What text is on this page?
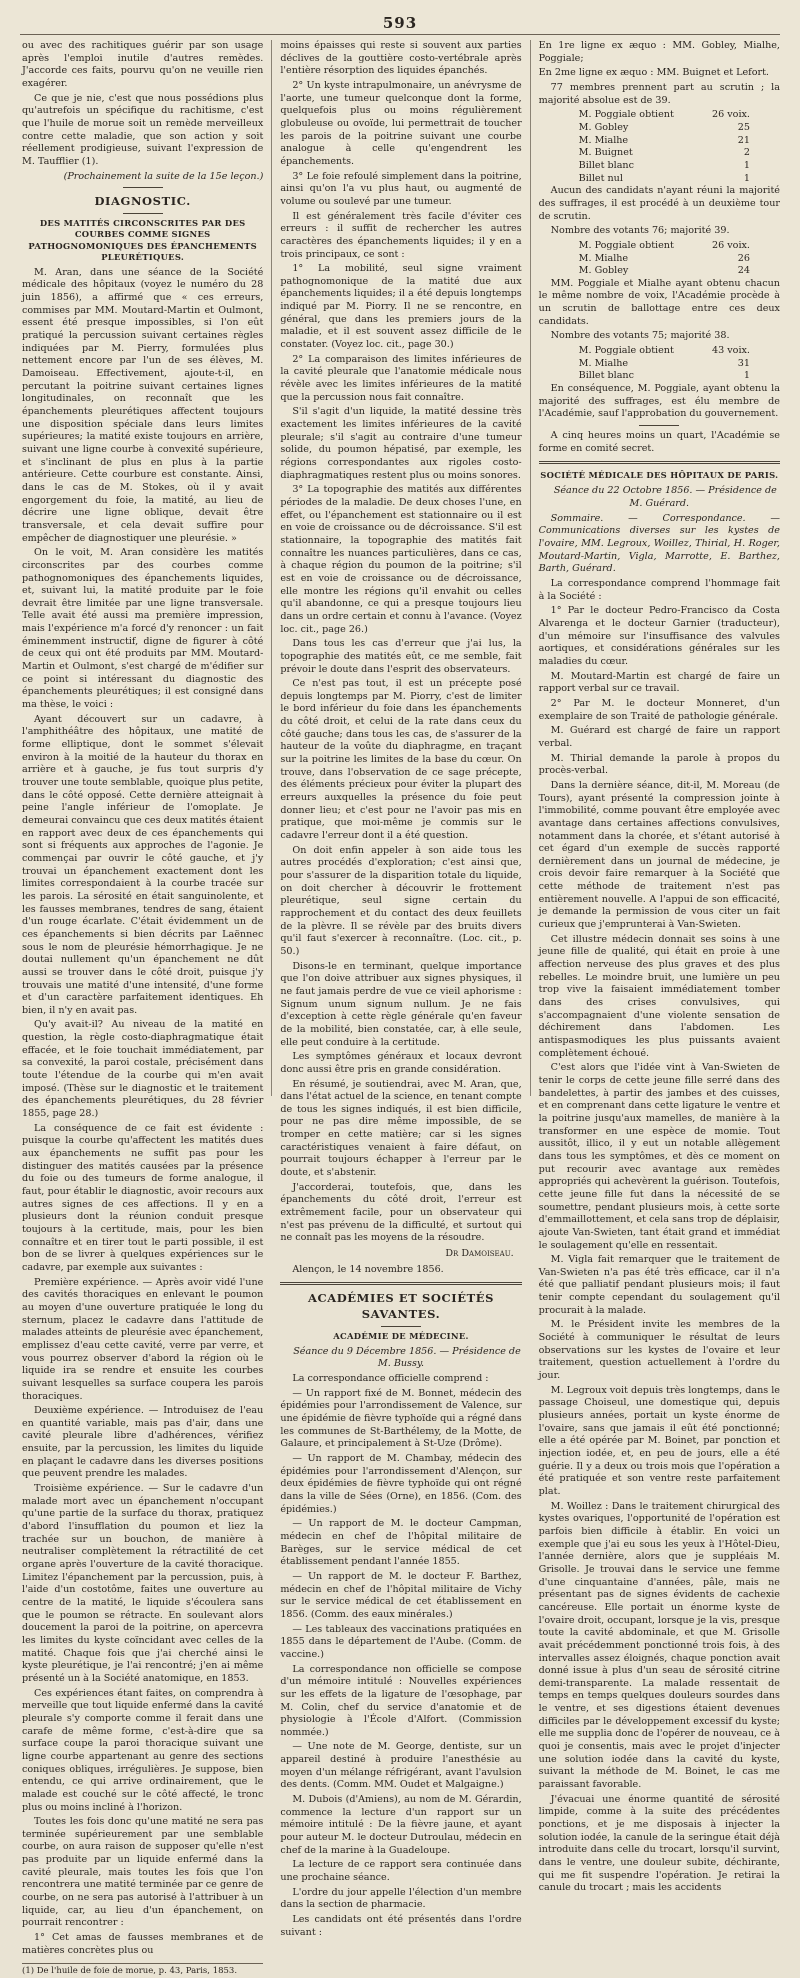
593

ou avec des rachitiques guérir par son usage après l'emploi inutile d'autres remèdes. J'accorde ces faits, pourvu qu'on ne veuille rien exagérer.

Ce que je nie, c'est que nous possédions plus qu'autrefois un spécifique du rachitisme, c'est que l'huile de morue soit un remède merveilleux contre cette maladie, que son action y soit réellement prodigieuse, suivant l'expression de M. Taufflier (1).

(Prochainement la suite de la 15e leçon.)

DIAGNOSTIC.
DES MATITÉS CIRCONSCRITES PAR DES COURBES COMME SIGNES PATHOGNOMONIQUES DES ÉPANCHEMENTS PLEURÉTIQUES.

M. Aran, dans une séance de la Société médicale des hôpitaux (voyez le numéro du 28 juin 1856), a affirmé que « ces erreurs, commises par MM. Moutard-Martin et Oulmont, essent été presque impossibles, si l'on eût pratiqué la percussion suivant certaines règles indiquées par M. Pierry, formulées plus nettement encore par l'un de ses élèves, M. Damoiseau. Effectivement, ajoute-t-il, en percutant la poitrine suivant certaines lignes longitudinales, on reconnaît que les épanchements pleurétiques affectent toujours une disposition spéciale dans leurs limites supérieures; la matité existe toujours en arrière, suivant une ligne courbe à convexité supérieure, et s'inclinant de plus en plus à la partie antérieure. Cette courbure est constante. Ainsi, dans le cas de M. Stokes, où il y avait engorgement du foie, la matité, au lieu de décrire une ligne oblique, devait être transversale, et cela devait suffire pour empêcher de diagnostiquer une pleurésie. »

On le voit, M. Aran considère les matités circonscrites par des courbes comme pathognomoniques des épanchements liquides, et, suivant lui, la matité produite par le foie devrait être limitée par une ligne transversale. Telle avait été aussi ma première impression, mais l'expérience m'a forcé d'y renoncer : un fait éminemment instructif, digne de figurer à côté de ceux qui ont été produits par MM. Moutard-Martin et Oulmont, s'est chargé de m'édifier sur ce point si intéressant du diagnostic des épanchements pleurétiques; il est consigné dans ma thèse, le voici :

Ayant découvert sur un cadavre, à l'amphithéâtre des hôpitaux, une matité de forme elliptique, dont le sommet s'élevait environ à la moitié de la hauteur du thorax en arrière et à gauche, je fus tout surpris d'y trouver une toute semblable, quoique plus petite, dans le côté opposé. Cette dernière atteignait à peine l'angle inférieur de l'omoplate. Je demeurai convaincu que ces deux matités étaient en rapport avec deux de ces épanchements qui sont si fréquents aux approches de l'agonie. Je commençai par ouvrir le côté gauche, et j'y trouvai un épanchement exactement dont les limites correspondaient à la courbe tracée sur les parois. La sérosité en était sanguinolente, et les fausses membranes, tendres de sang, étaient d'un rouge écarlate. C'était évidemment un de ces épanchements si bien décrits par Laënnec sous le nom de pleurésie hémorrhagique. Je ne doutai nullement qu'un épanchement ne dût aussi se trouver dans le côté droit, puisque j'y trouvais une matité d'une intensité, d'une forme et d'un caractère parfaitement identiques. Eh bien, il n'y en avait pas.

Qu'y avait-il? Au niveau de la matité en question, la règle costo-diaphragmatique était effacée, et le foie touchait immédiatement, par sa convexité, la paroi costale, précisément dans toute l'étendue de la courbe qui m'en avait imposé. (Thèse sur le diagnostic et le traitement des épanchements pleurétiques, du 28 février 1855, page 28.)

La conséquence de ce fait est évidente : puisque la courbe qu'affectent les matités dues aux épanchements ne suffit pas pour les distinguer des matités causées par la présence du foie ou des tumeurs de forme analogue, il faut, pour établir le diagnostic, avoir recours aux autres signes de ces affections. Il y en a plusieurs dont la réunion conduit presque toujours à la certitude, mais, pour les bien connaître et en tirer tout le parti possible, il est bon de se livrer à quelques expériences sur le cadavre, par exemple aux suivantes :

Première expérience. — Après avoir vidé l'une des cavités thoraciques en enlevant le poumon au moyen d'une ouverture pratiquée le long du sternum, placez le cadavre dans l'attitude de malades atteints de pleurésie avec épanchement, emplissez d'eau cette cavité, verre par verre, et vous pourrez observer d'abord la région où le liquide ira se rendre et ensuite les courbes suivant lesquelles sa surface coupera les parois thoraciques.

Deuxième expérience. — Introduisez de l'eau en quantité variable, mais pas d'air, dans une cavité pleurale libre d'adhérences, vérifiez ensuite, par la percussion, les limites du liquide en plaçant le cadavre dans les diverses positions que peuvent prendre les malades.

Troisième expérience. — Sur le cadavre d'un malade mort avec un épanchement n'occupant qu'une partie de la surface du thorax, pratiquez d'abord l'insufflation du poumon et liez la trachée sur un bouchon, de manière à neutraliser complètement la rétractilité de cet organe après l'ouverture de la cavité thoracique. Limitez l'épanchement par la percussion, puis, à l'aide d'un costotôme, faites une ouverture au centre de la matité, le liquide s'écoulera sans que le poumon se rétracte. En soulevant alors doucement la paroi de la poitrine, on apercevra les limites du kyste coïncidant avec celles de la matité. Chaque fois que j'ai cherché ainsi le kyste pleurétique, je l'ai rencontré; j'en ai même présenté un à la Société anatomique, en 1853.

Ces expériences étant faites, on comprendra à merveille que tout liquide enfermé dans la cavité pleurale s'y comporte comme il ferait dans une carafe de même forme, c'est-à-dire que sa surface coupe la paroi thoracique suivant une ligne courbe appartenant au genre des sections coniques obliques, irrégulières. Je suppose, bien entendu, ce qui arrive ordinairement, que le malade est couché sur le côté affecté, le tronc plus ou moins incliné à l'horizon.

Toutes les fois donc qu'une matité ne sera pas terminée supérieurement par une semblable courbe, on aura raison de supposer qu'elle n'est pas produite par un liquide enfermé dans la cavité pleurale, mais toutes les fois que l'on rencontrera une matité terminée par ce genre de courbe, on ne sera pas autorisé à l'attribuer à un liquide, car, au lieu d'un épanchement, on pourrait rencontrer :

1° Cet amas de fausses membranes et de matières concrètes plus ou

(1) De l'huile de foie de morue, p. 43, Paris, 1853.

moins épaisses qui reste si souvent aux parties déclives de la gouttière costo-vertébrale après l'entière résorption des liquides épanchés.

2° Un kyste intrapulmonaire, un anévrysme de l'aorte, une tumeur quelconque dont la forme, quelquefois plus ou moins régulièrement globuleuse ou ovoïde, lui permettrait de toucher les parois de la poitrine suivant une courbe analogue à celle qu'engendrent les épanchements.

3° Le foie refoulé simplement dans la poitrine, ainsi qu'on l'a vu plus haut, ou augmenté de volume ou soulevé par une tumeur.

Il est généralement très facile d'éviter ces erreurs : il suffit de rechercher les autres caractères des épanchements liquides; il y en a trois principaux, ce sont :

1° La mobilité, seul signe vraiment pathognomonique de la matité due aux épanchements liquides; il a été depuis longtemps indiqué par M. Piorry. Il ne se rencontre, en général, que dans les premiers jours de la maladie, et il est souvent assez difficile de le constater. (Voyez loc. cit., page 30.)

2° La comparaison des limites inférieures de la cavité pleurale que l'anatomie médicale nous révèle avec les limites inférieures de la matité que la percussion nous fait connaître.

S'il s'agit d'un liquide, la matité dessine très exactement les limites inférieures de la cavité pleurale; s'il s'agit au contraire d'une tumeur solide, du poumon hépatisé, par exemple, les régions correspondantes aux rigoles costo-diaphragmatiques restent plus ou moins sonores.

3° La topographie des matités aux différentes périodes de la maladie. De deux choses l'une, en effet, ou l'épanchement est stationnaire ou il est en voie de croissance ou de décroissance. S'il est stationnaire, la topographie des matités fait connaître les nuances particulières, dans ce cas, à chaque région du poumon de la poitrine; s'il est en voie de croissance ou de décroissance, elle montre les régions qu'il envahit ou celles qu'il abandonne, ce qui a presque toujours lieu dans un ordre certain et connu à l'avance. (Voyez loc. cit., page 26.)

Dans tous les cas d'erreur que j'ai lus, la topographie des matités eût, ce me semble, fait prévoir le doute dans l'esprit des observateurs.

Ce n'est pas tout, il est un précepte posé depuis longtemps par M. Piorry, c'est de limiter le bord inférieur du foie dans les épanchements du côté droit, et celui de la rate dans ceux du côté gauche; dans tous les cas, de s'assurer de la hauteur de la voûte du diaphragme, en traçant sur la poitrine les limites de la base du cœur. On trouve, dans l'observation de ce sage précepte, des éléments précieux pour éviter la plupart des erreurs auxquelles la présence du foie peut donner lieu; et c'est pour ne l'avoir pas mis en pratique, que moi-même je commis sur le cadavre l'erreur dont il a été question.

On doit enfin appeler à son aide tous les autres procédés d'exploration; c'est ainsi que, pour s'assurer de la disparition totale du liquide, on doit chercher à découvrir le frottement pleurétique, seul signe certain du rapprochement et du contact des deux feuillets de la plèvre. Il se révèle par des bruits divers qu'il faut s'exercer à reconnaître. (Loc. cit., p. 50.)

Disons-le en terminant, quelque importance que l'on doive attribuer aux signes physiques, il ne faut jamais perdre de vue ce vieil aphorisme : Signum unum signum nullum. Je ne fais d'exception à cette règle générale qu'en faveur de la mobilité, bien constatée, car, à elle seule, elle peut conduire à la certitude.

Les symptômes généraux et locaux devront donc aussi être pris en grande considération.

En résumé, je soutiendrai, avec M. Aran, que, dans l'état actuel de la science, en tenant compte de tous les signes indiqués, il est bien difficile, pour ne pas dire même impossible, de se tromper en cette matière; car si les signes caractéristiques venaient à faire défaut, on pourrait toujours échapper à l'erreur par le doute, et s'abstenir.

J'accorderai, toutefois, que, dans les épanchements du côté droit, l'erreur est extrêmement facile, pour un observateur qui n'est pas prévenu de la difficulté, et surtout qui ne connaît pas les moyens de la résoudre.

Dr Damoiseau.

Alençon, le 14 novembre 1856.

ACADÉMIES ET SOCIÉTÉS SAVANTES.
ACADÉMIE DE MÉDECINE.

Séance du 9 Décembre 1856. — Présidence de M. Bussy.

La correspondance officielle comprend :

— Un rapport fixé de M. Bonnet, médecin des épidémies pour l'arrondissement de Valence, sur une épidémie de fièvre typhoïde qui a régné dans les communes de St-Barthélemy, de la Motte, de Galaure, et principalement à St-Uze (Drôme).

— Un rapport de M. Chambay, médecin des épidémies pour l'arrondissement d'Alençon, sur deux épidémies de fièvre typhoïde qui ont régné dans la ville de Sées (Orne), en 1856. (Com. des épidémies.)

— Un rapport de M. le docteur Campman, médecin en chef de l'hôpital militaire de Barèges, sur le service médical de cet établissement pendant l'année 1855.

— Un rapport de M. le docteur F. Barthez, médecin en chef de l'hôpital militaire de Vichy sur le service médical de cet établissement en 1856. (Comm. des eaux minérales.)

— Les tableaux des vaccinations pratiquées en 1855 dans le département de l'Aube. (Comm. de vaccine.)

La correspondance non officielle se compose d'un mémoire intitulé : Nouvelles expériences sur les effets de la ligature de l'œsophage, par M. Colin, chef du service d'anatomie et de physiologie à l'École d'Alfort. (Commission nommée.)

— Une note de M. George, dentiste, sur un appareil destiné à produire l'anesthésie au moyen d'un mélange réfrigérant, avant l'avulsion des dents. (Comm. MM. Oudet et Malgaigne.)

M. Dubois (d'Amiens), au nom de M. Gérardin, commence la lecture d'un rapport sur un mémoire intitulé : De la fièvre jaune, et ayant pour auteur M. le docteur Dutroulau, médecin en chef de la marine à la Guadeloupe.

La lecture de ce rapport sera continuée dans une prochaine séance.

L'ordre du jour appelle l'élection d'un membre dans la section de pharmacie.

Les candidats ont été présentés dans l'ordre suivant :

En 1re ligne ex æquo : MM. Gobley, Mialhe, Poggiale;

En 2me ligne ex æquo : MM. Buignet et Lefort.

77 membres prennent part au scrutin ; la majorité absolue est de 39.

M. Poggiale obtient	26 voix.
M. Gobley	25
M. Mialhe	21
M. Buignet	2
Billet blanc	1
Billet nul	1

Aucun des candidats n'ayant réuni la majorité des suffrages, il est procédé à un deuxième tour de scrutin.

Nombre des votants 76; majorité 39.

M. Poggiale obtient	26 voix.
M. Mialhe	26
M. Gobley	24

MM. Poggiale et Mialhe ayant obtenu chacun le même nombre de voix, l'Académie procède à un scrutin de ballottage entre ces deux candidats.

Nombre des votants 75; majorité 38.

M. Poggiale obtient	43 voix.
M. Mialhe	31
Billet blanc	1

En conséquence, M. Poggiale, ayant obtenu la majorité des suffrages, est élu membre de l'Académie, sauf l'approbation du gouvernement.

A cinq heures moins un quart, l'Académie se forme en comité secret.

SOCIÉTÉ MÉDICALE DES HÔPITAUX DE PARIS.

Séance du 22 Octobre 1856. — Présidence de M. Guérard.

Sommaire. — Correspondance. — Communications diverses sur les kystes de l'ovaire, MM. Legroux, Woillez, Thirial, H. Roger, Moutard-Martin, Vigla, Marrotte, E. Barthez, Barth, Guérard.

La correspondance comprend l'hommage fait à la Société :

1° Par le docteur Pedro-Francisco da Costa Alvarenga et le docteur Garnier (traducteur), d'un mémoire sur l'insuffisance des valvules aortiques, et considérations générales sur les maladies du cœur.

M. Moutard-Martin est chargé de faire un rapport verbal sur ce travail.

2° Par M. le docteur Monneret, d'un exemplaire de son Traité de pathologie générale.

M. Guérard est chargé de faire un rapport verbal.

M. Thirial demande la parole à propos du procès-verbal.

Dans la dernière séance, dit-il, M. Moreau (de Tours), ayant présenté la compression jointe à l'immobilité, comme pouvant être employée avec avantage dans certaines affections convulsives, notamment dans la chorée, et s'étant autorisé à cet égard d'un exemple de succès rapporté dernièrement dans un journal de médecine, je crois devoir faire remarquer à la Société que cette méthode de traitement n'est pas entièrement nouvelle. A l'appui de son efficacité, je demande la permission de vous citer un fait curieux que j'emprunterai à Van-Swieten.

Cet illustre médecin donnait ses soins à une jeune fille de qualité, qui était en proie à une affection nerveuse des plus graves et des plus rebelles. Le moindre bruit, une lumière un peu trop vive la faisaient immédiatement tomber dans des crises convulsives, qui s'accompagnaient d'une violente sensation de déchirement dans l'abdomen. Les antispasmodiques les plus puissants avaient complètement échoué.

C'est alors que l'idée vint à Van-Swieten de tenir le corps de cette jeune fille serré dans des bandelettes, à partir des jambes et des cuisses, et en comprenant dans cette ligature le ventre et la poitrine jusqu'aux mamelles, de manière à la transformer en une espèce de momie. Tout aussitôt, illico, il y eut un notable allègement dans tous les symptômes, et dès ce moment on put recourir avec avantage aux remèdes appropriés qui achevèrent la guérison. Toutefois, cette jeune fille fut dans la nécessité de se soumettre, pendant plusieurs mois, à cette sorte d'emmaillottement, et cela sans trop de déplaisir, ajoute Van-Swieten, tant était grand et immédiat le soulagement qu'elle en ressentait.

M. Vigla fait remarquer que le traitement de Van-Swieten n'a pas été très efficace, car il n'a été que palliatif pendant plusieurs mois; il faut tenir compte cependant du soulagement qu'il procurait à la malade.

M. le Président invite les membres de la Société à communiquer le résultat de leurs observations sur les kystes de l'ovaire et leur traitement, question actuellement à l'ordre du jour.

M. Legroux voit depuis très longtemps, dans le passage Choiseul, une domestique qui, depuis plusieurs années, portait un kyste énorme de l'ovaire, sans que jamais il eût été ponctionné; elle a été opérée par M. Boinet, par ponction et injection iodée, et, en peu de jours, elle a été guérie. Il y a deux ou trois mois que l'opération a été pratiquée et son ventre reste parfaitement plat.

M. Woillez : Dans le traitement chirurgical des kystes ovariques, l'opportunité de l'opération est parfois bien difficile à établir. En voici un exemple que j'ai eu sous les yeux à l'Hôtel-Dieu, l'année dernière, alors que je suppléais M. Grisolle. Je trouvai dans le service une femme d'une cinquantaine d'années, pâle, mais ne présentant pas de signes évidents de cachexie cancéreuse. Elle portait un énorme kyste de l'ovaire droit, occupant, lorsque je la vis, presque toute la cavité abdominale, et que M. Grisolle avait précédemment ponctionné trois fois, à des intervalles assez éloignés, chaque ponction avait donné issue à plus d'un seau de sérosité citrine demi-transparente. La malade ressentait de temps en temps quelques douleurs sourdes dans le ventre, et ses digestions étaient devenues difficiles par le développement excessif du kyste; elle me supplia donc de l'opérer de nouveau, ce à quoi je consentis, mais avec le projet d'injecter une solution iodée dans la cavité du kyste, suivant la méthode de M. Boinet, le cas me paraissant favorable.

J'évacuai une énorme quantité de sérosité limpide, comme à la suite des précédentes ponctions, et je me disposais à injecter la solution iodée, la canule de la seringue était déjà introduite dans celle du trocart, lorsqu'il survint, dans le ventre, une douleur subite, déchirante, qui me fit suspendre l'opération. Je retirai la canule du trocart ; mais les accidents
